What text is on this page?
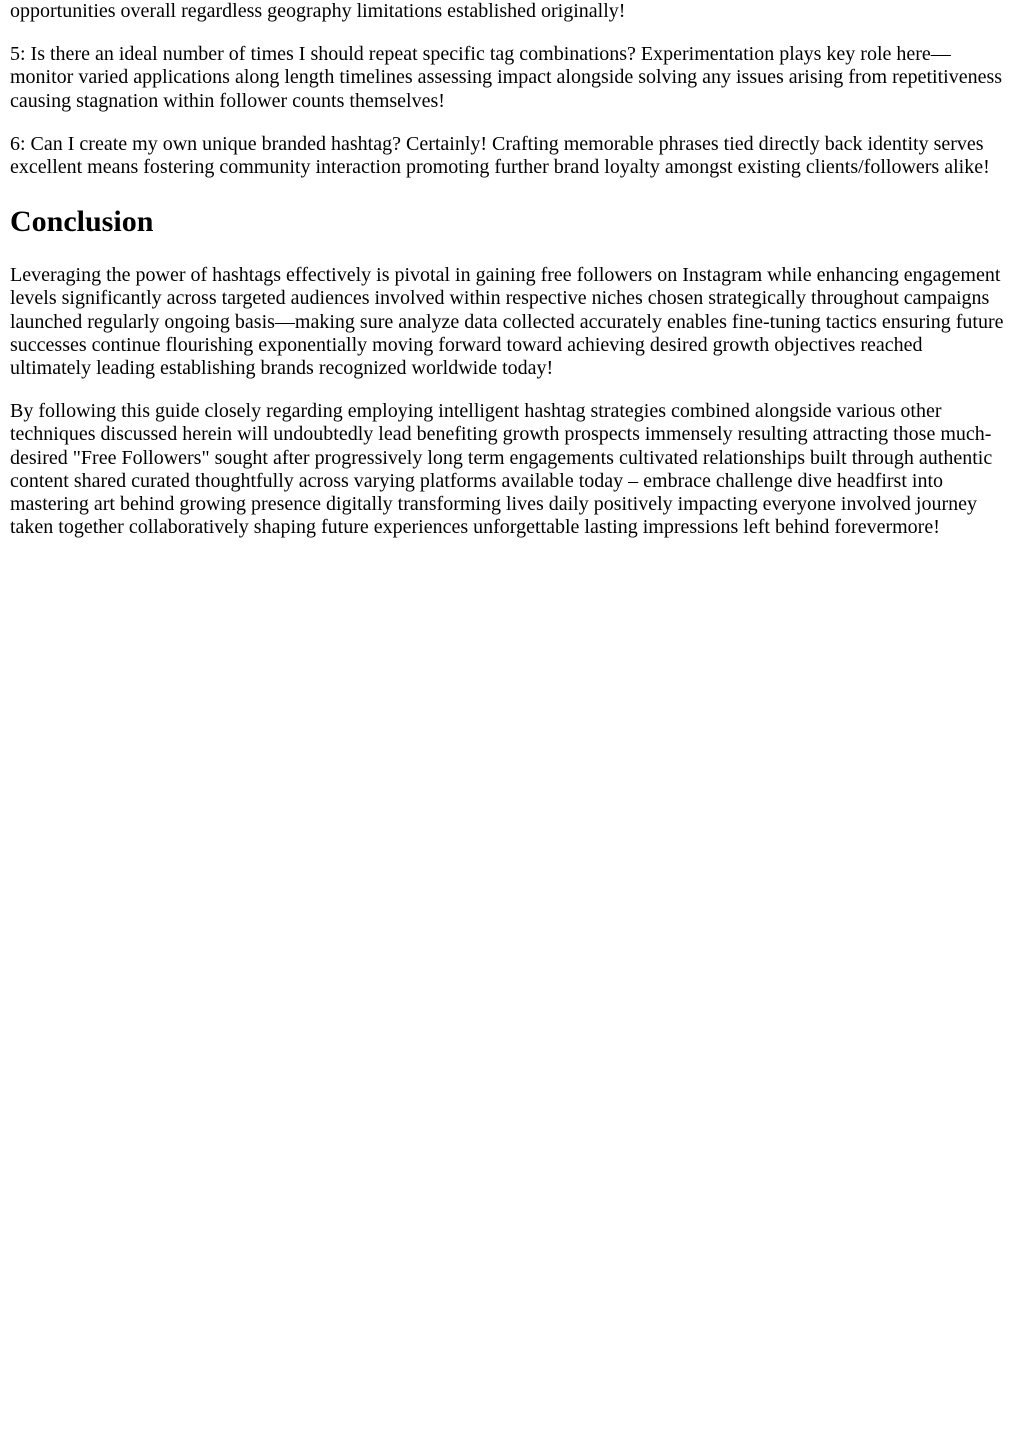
opportunities overall regardless geography limitations established originally!

5: Is there an ideal number of times I should repeat specific tag combinations? Experimentation plays key role here—monitor varied applications along length timelines assessing impact alongside solving any issues arising from repetitiveness causing stagnation within follower counts themselves!

6: Can I create my own unique branded hashtag? Certainly! Crafting memorable phrases tied directly back identity serves excellent means fostering community interaction promoting further brand loyalty amongst existing clients/followers alike!

Conclusion

Leveraging the power of hashtags effectively is pivotal in gaining free followers on Instagram while enhancing engagement levels significantly across targeted audiences involved within respective niches chosen strategically throughout campaigns launched regularly ongoing basis—making sure analyze data collected accurately enables fine-tuning tactics ensuring future successes continue flourishing exponentially moving forward toward achieving desired growth objectives reached ultimately leading establishing brands recognized worldwide today!

By following this guide closely regarding employing intelligent hashtag strategies combined alongside various other techniques discussed herein will undoubtedly lead benefiting growth prospects immensely resulting attracting those much-desired "Free Followers" sought after progressively long term engagements cultivated relationships built through authentic content shared curated thoughtfully across varying platforms available today – embrace challenge dive headfirst into mastering art behind growing presence digitally transforming lives daily positively impacting everyone involved journey taken together collaboratively shaping future experiences unforgettable lasting impressions left behind forevermore!
